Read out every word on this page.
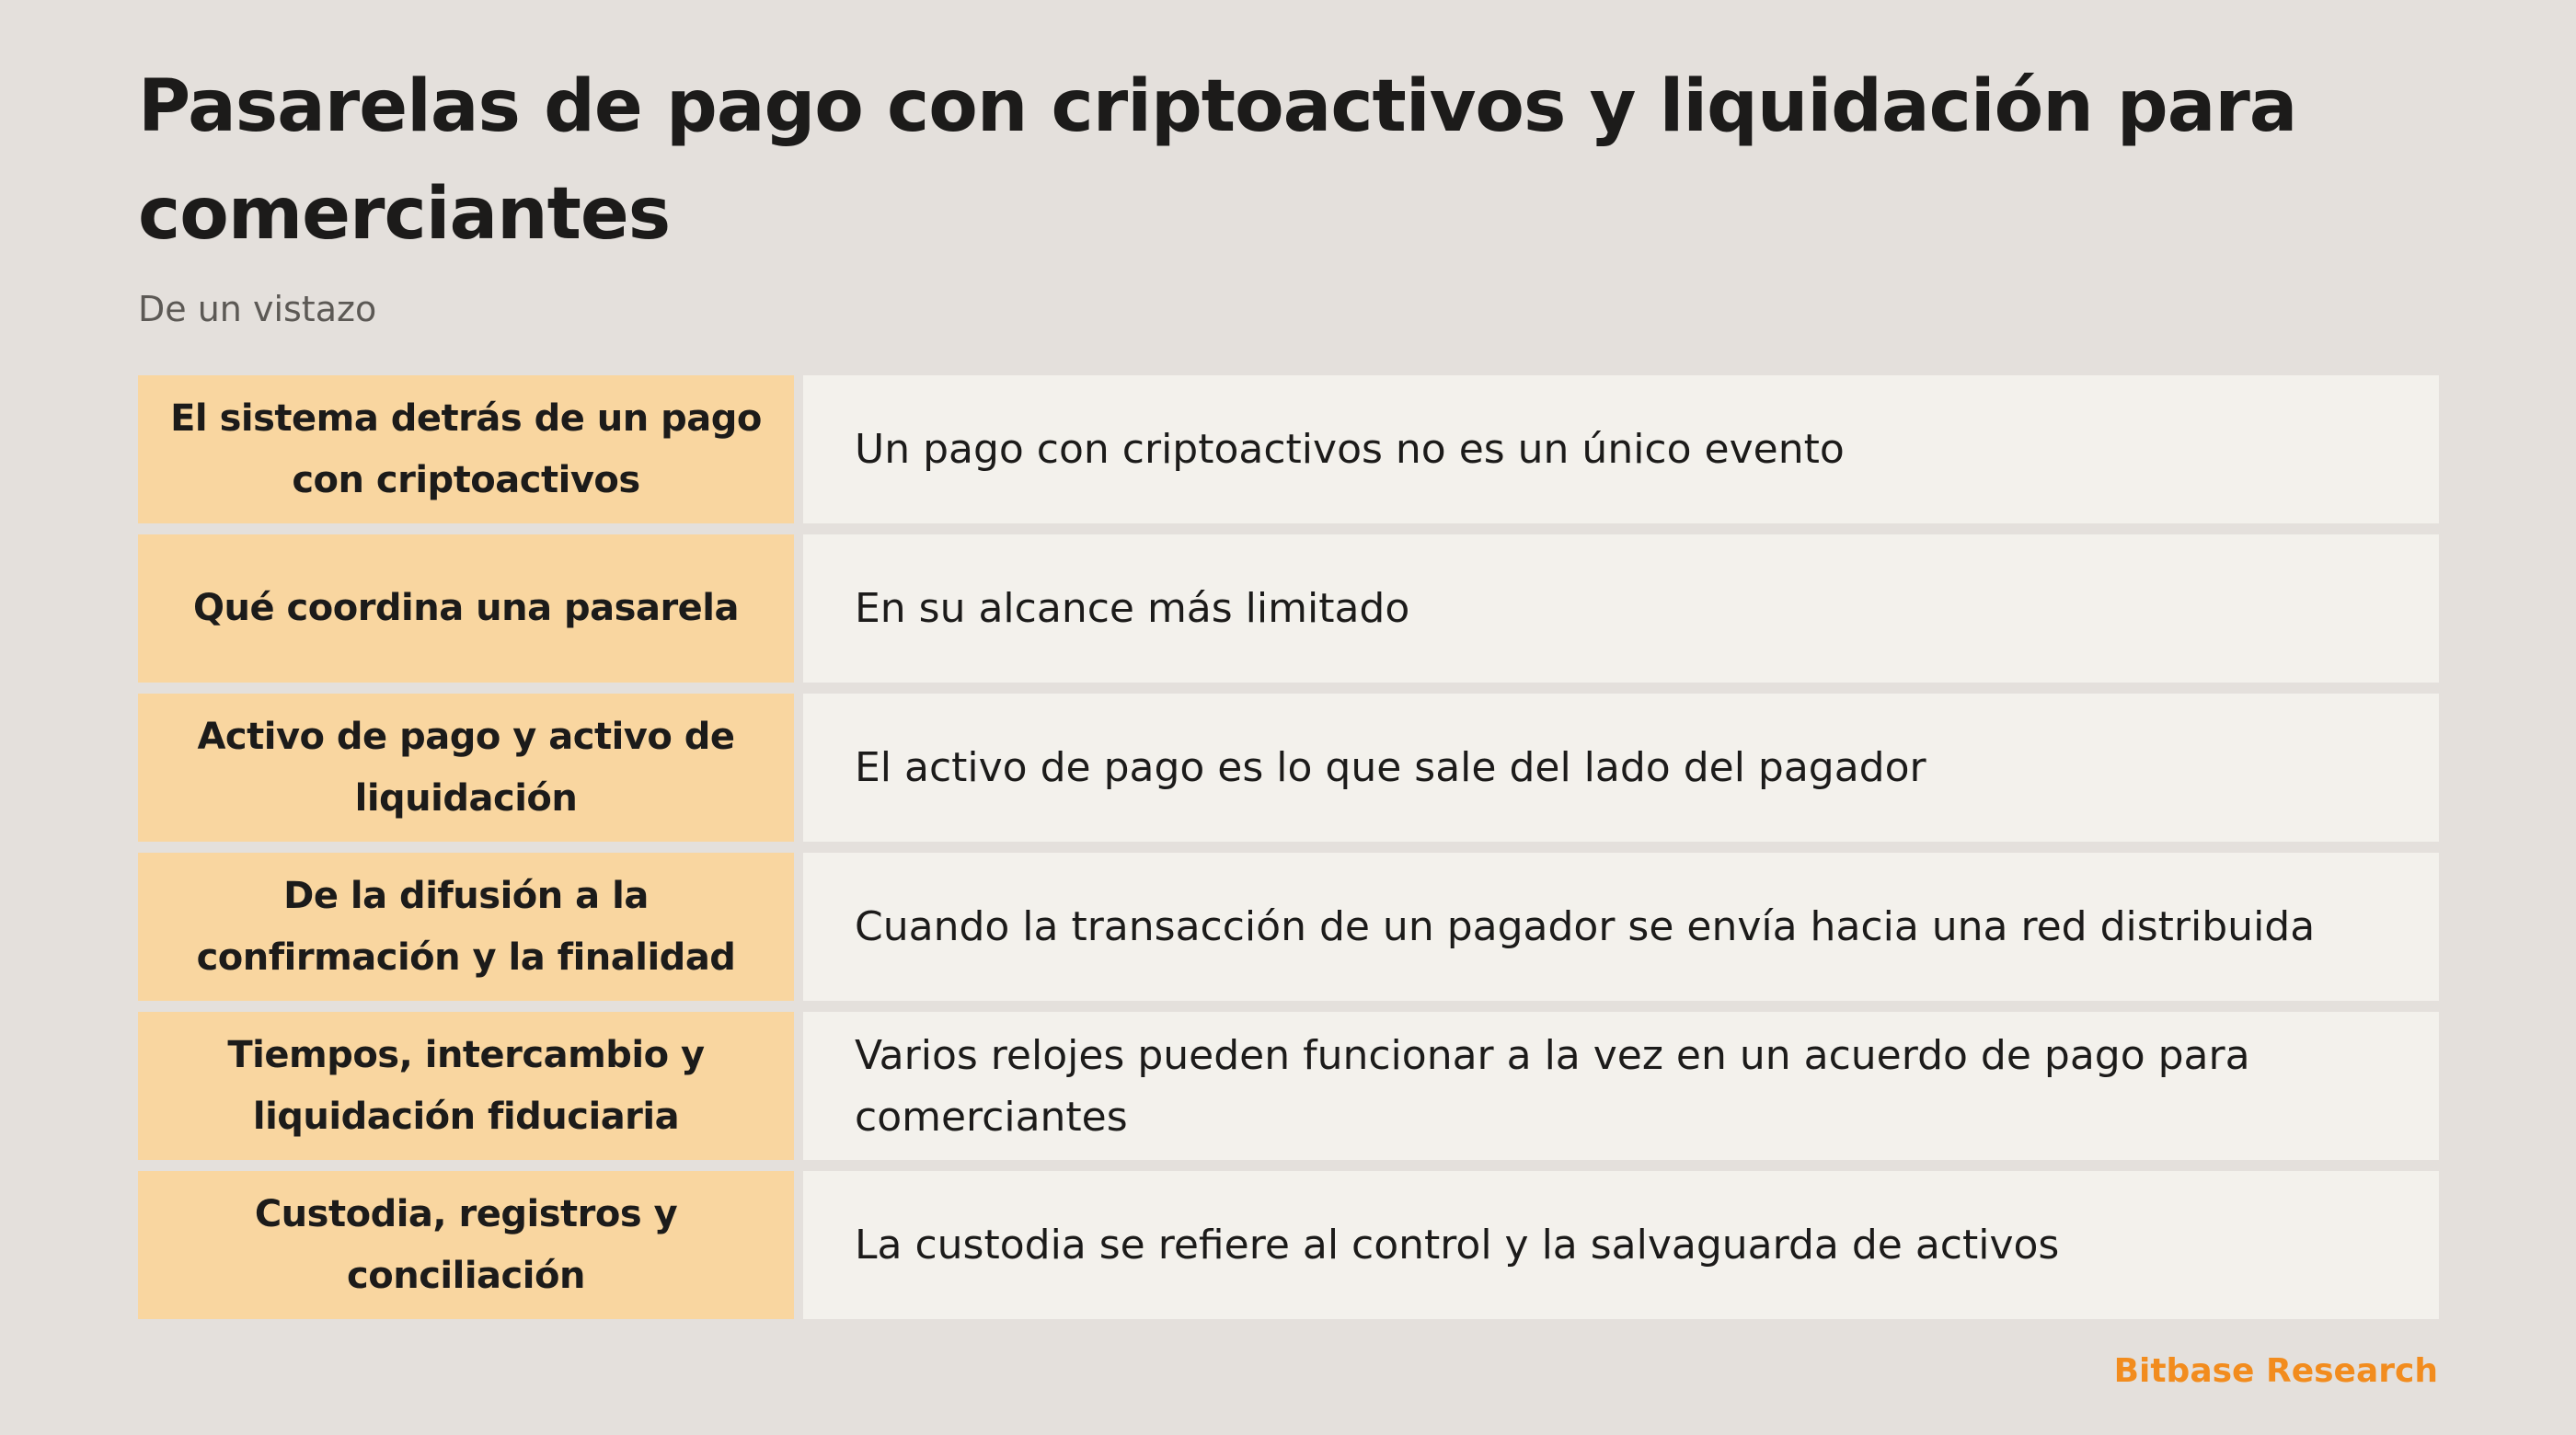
Pasarelas de pago con criptoactivos y liquidación para comerciantes
De un vistazo
El sistema detrás de un pago con criptoactivos
Un pago con criptoactivos no es un único evento
Qué coordina una pasarela	En su alcance más limitado
Activo de pago y activo de liquidación
El activo de pago es lo que sale del lado del pagador
De la difusión a la confirmación y la finalidad
Cuando la transacción de un pagador se envía hacia una red distribuida
Tiempos, intercambio y liquidación fiduciaria
Varios relojes pueden funcionar a la vez en un acuerdo de pago para comerciantes
Custodia, registros y conciliación
La custodia se refiere al control y la salvaguarda de activos
Bitbase Research
